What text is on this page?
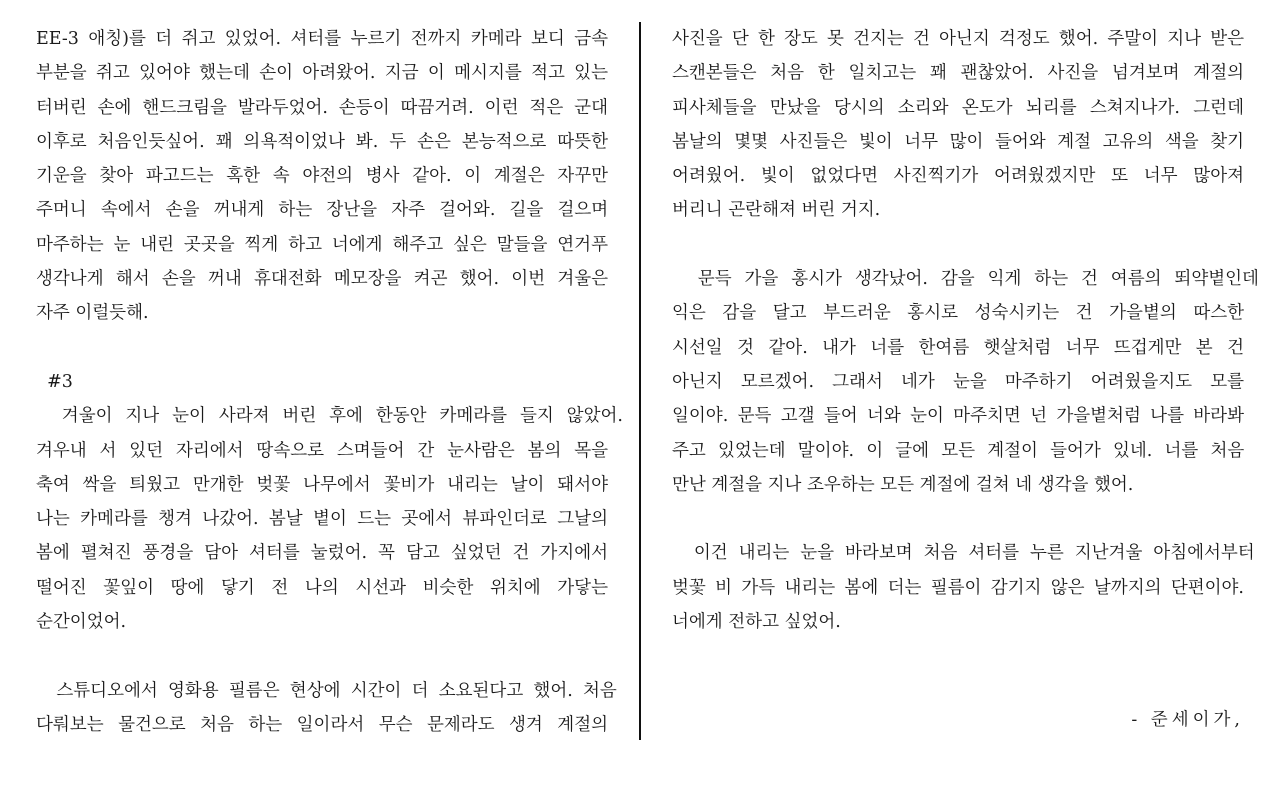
EE-3 애칭)를 더 쥐고 있었어. 셔터를 누르기 전까지 카메라 보디 금속
부분을 쥐고 있어야 했는데 손이 아려왔어. 지금 이 메시지를 적고 있는
터버린 손에 핸드크림을 발라두었어. 손등이 따끔거려. 이런 적은 군대
이후로 처음인듯싶어. 꽤 의욕적이었나 봐. 두 손은 본능적으로 따뜻한
기운을 찾아 파고드는 혹한 속 야전의 병사 같아. 이 계절은 자꾸만
주머니 속에서 손을 꺼내게 하는 장난을 자주 걸어와. 길을 걸으며
마주하는 눈 내린 곳곳을 찍게 하고 너에게 해주고 싶은 말들을 연거푸
생각나게 해서 손을 꺼내 휴대전화 메모장을 켜곤 했어. 이번 겨울은
자주 이럴듯해.
#3
겨울이 지나 눈이 사라져 버린 후에 한동안 카메라를 들지 않았어.
겨우내 서 있던 자리에서 땅속으로 스며들어 간 눈사람은 봄의 목을
축여 싹을 틔웠고 만개한 벚꽃 나무에서 꽃비가 내리는 날이 돼서야
나는 카메라를 챙겨 나갔어. 봄날 볕이 드는 곳에서 뷰파인더로 그날의
봄에 펼쳐진 풍경을 담아 셔터를 눌렀어. 꼭 담고 싶었던 건 가지에서
떨어진 꽃잎이 땅에 닿기 전 나의 시선과 비슷한 위치에 가닿는
순간이었어.
스튜디오에서 영화용 필름은 현상에 시간이 더 소요된다고 했어. 처음
다뤄보는 물건으로 처음 하는 일이라서 무슨 문제라도 생겨 계절의
사진을 단 한 장도 못 건지는 건 아닌지 걱정도 했어. 주말이 지나 받은
스캔본들은 처음 한 일치고는 꽤 괜찮았어. 사진을 넘겨보며 계절의
피사체들을 만났을 당시의 소리와 온도가 뇌리를 스쳐지나가. 그런데
봄날의 몇몇 사진들은 빛이 너무 많이 들어와 계절 고유의 색을 찾기
어려웠어. 빛이 없었다면 사진찍기가 어려웠겠지만 또 너무 많아져
버리니 곤란해져 버린 거지.
문득 가을 홍시가 생각났어. 감을 익게 하는 건 여름의 뙤약볕인데
익은 감을 달고 부드러운 홍시로 성숙시키는 건 가을볕의 따스한
시선일 것 같아. 내가 너를 한여름 햇살처럼 너무 뜨겁게만 본 건
아닌지 모르겠어. 그래서 네가 눈을 마주하기 어려웠을지도 모를
일이야. 문득 고갤 들어 너와 눈이 마주치면 넌 가을볕처럼 나를 바라봐
주고 있었는데 말이야. 이 글에 모든 계절이 들어가 있네. 너를 처음
만난 계절을 지나 조우하는 모든 계절에 걸쳐 네 생각을 했어.
이건 내리는 눈을 바라보며 처음 셔터를 누른 지난겨울 아침에서부터
벚꽃 비 가득 내리는 봄에 더는 필름이 감기지 않은 날까지의 단편이야.
너에게 전하고 싶었어.
- 준세이가,
